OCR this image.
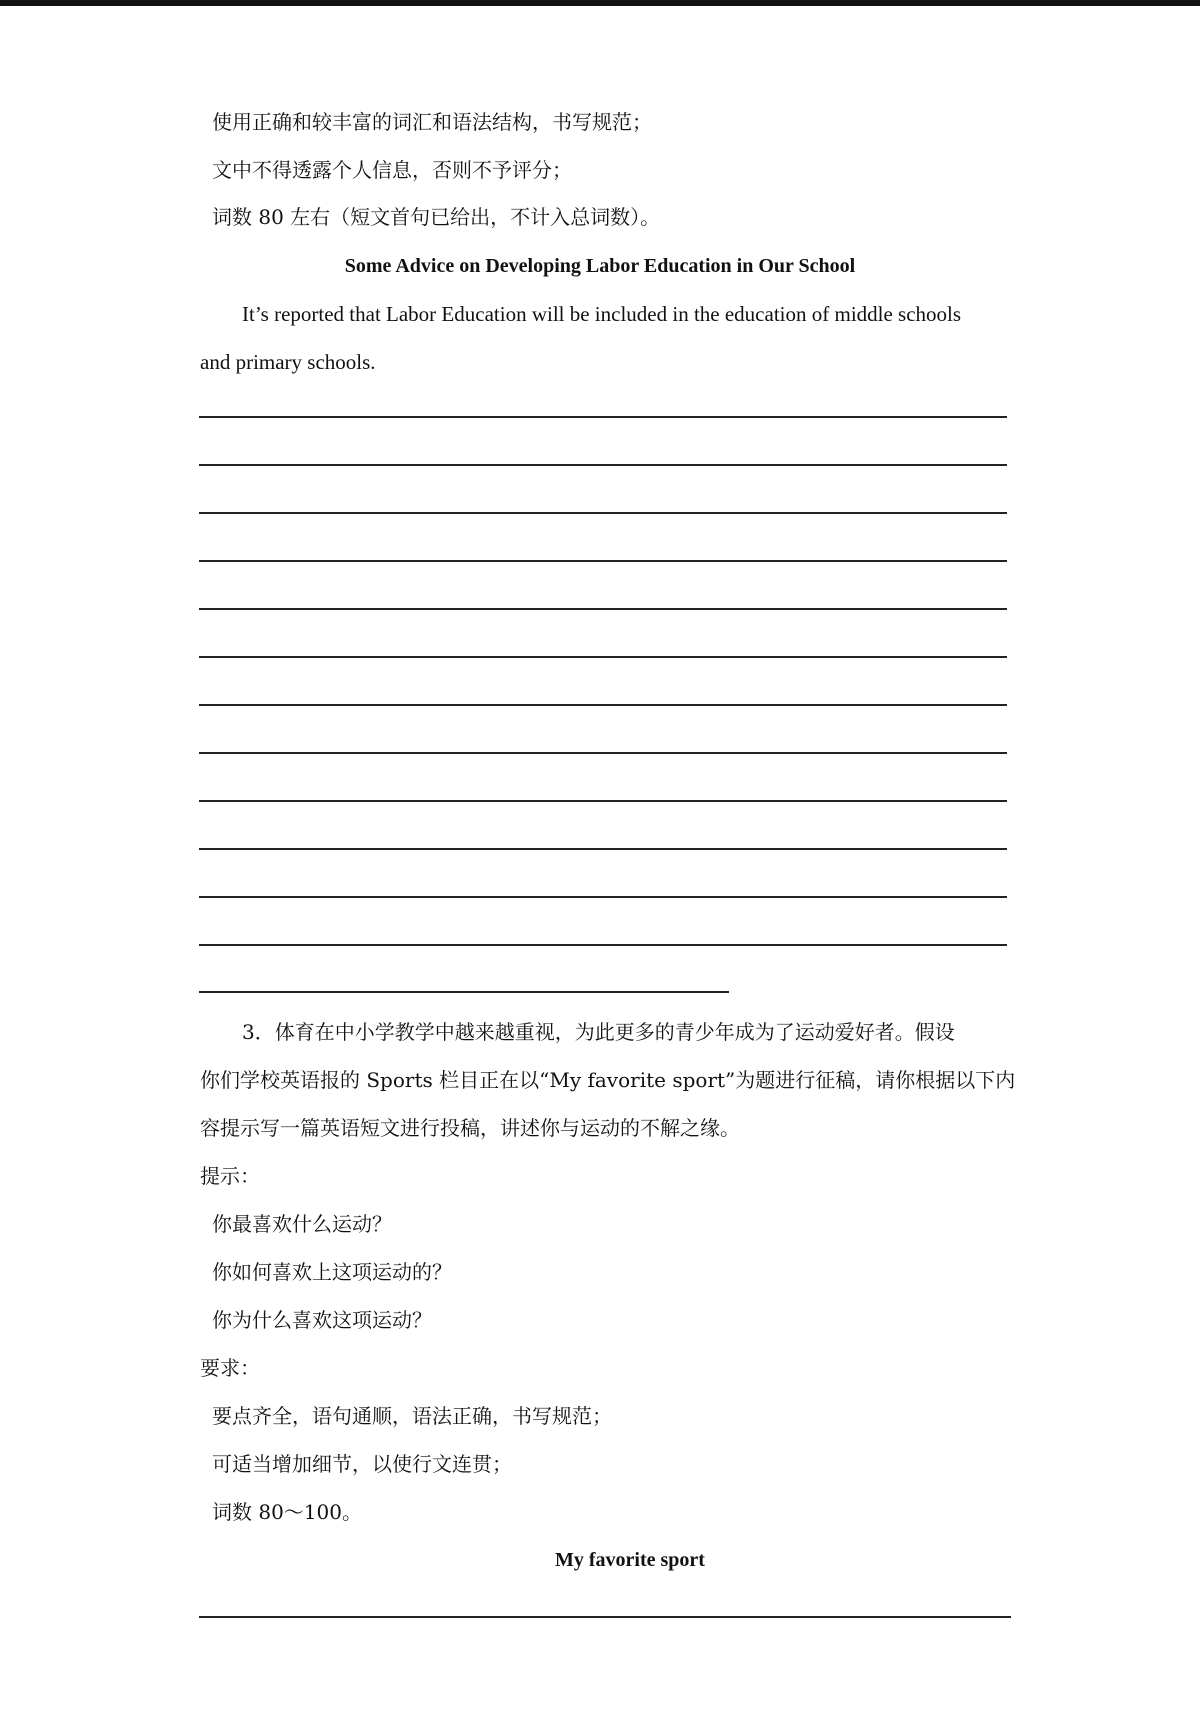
使用正确和较丰富的词汇和语法结构，书写规范；
文中不得透露个人信息，否则不予评分；
词数 80 左右（短文首句已给出，不计入总词数）。
Some Advice on Developing Labor Education in Our School
It’s reported that Labor Education will be included in the education of middle schools
and primary schools.
3．体育在中小学教学中越来越重视，为此更多的青少年成为了运动爱好者。假设
你们学校英语报的 Sports 栏目正在以“My favorite sport”为题进行征稿，请你根据以下内
容提示写一篇英语短文进行投稿，讲述你与运动的不解之缘。
提示：
你最喜欢什么运动？
你如何喜欢上这项运动的？
你为什么喜欢这项运动？
要求：
要点齐全，语句通顺，语法正确，书写规范；
可适当增加细节，以使行文连贯；
词数 80～100。
My favorite sport
